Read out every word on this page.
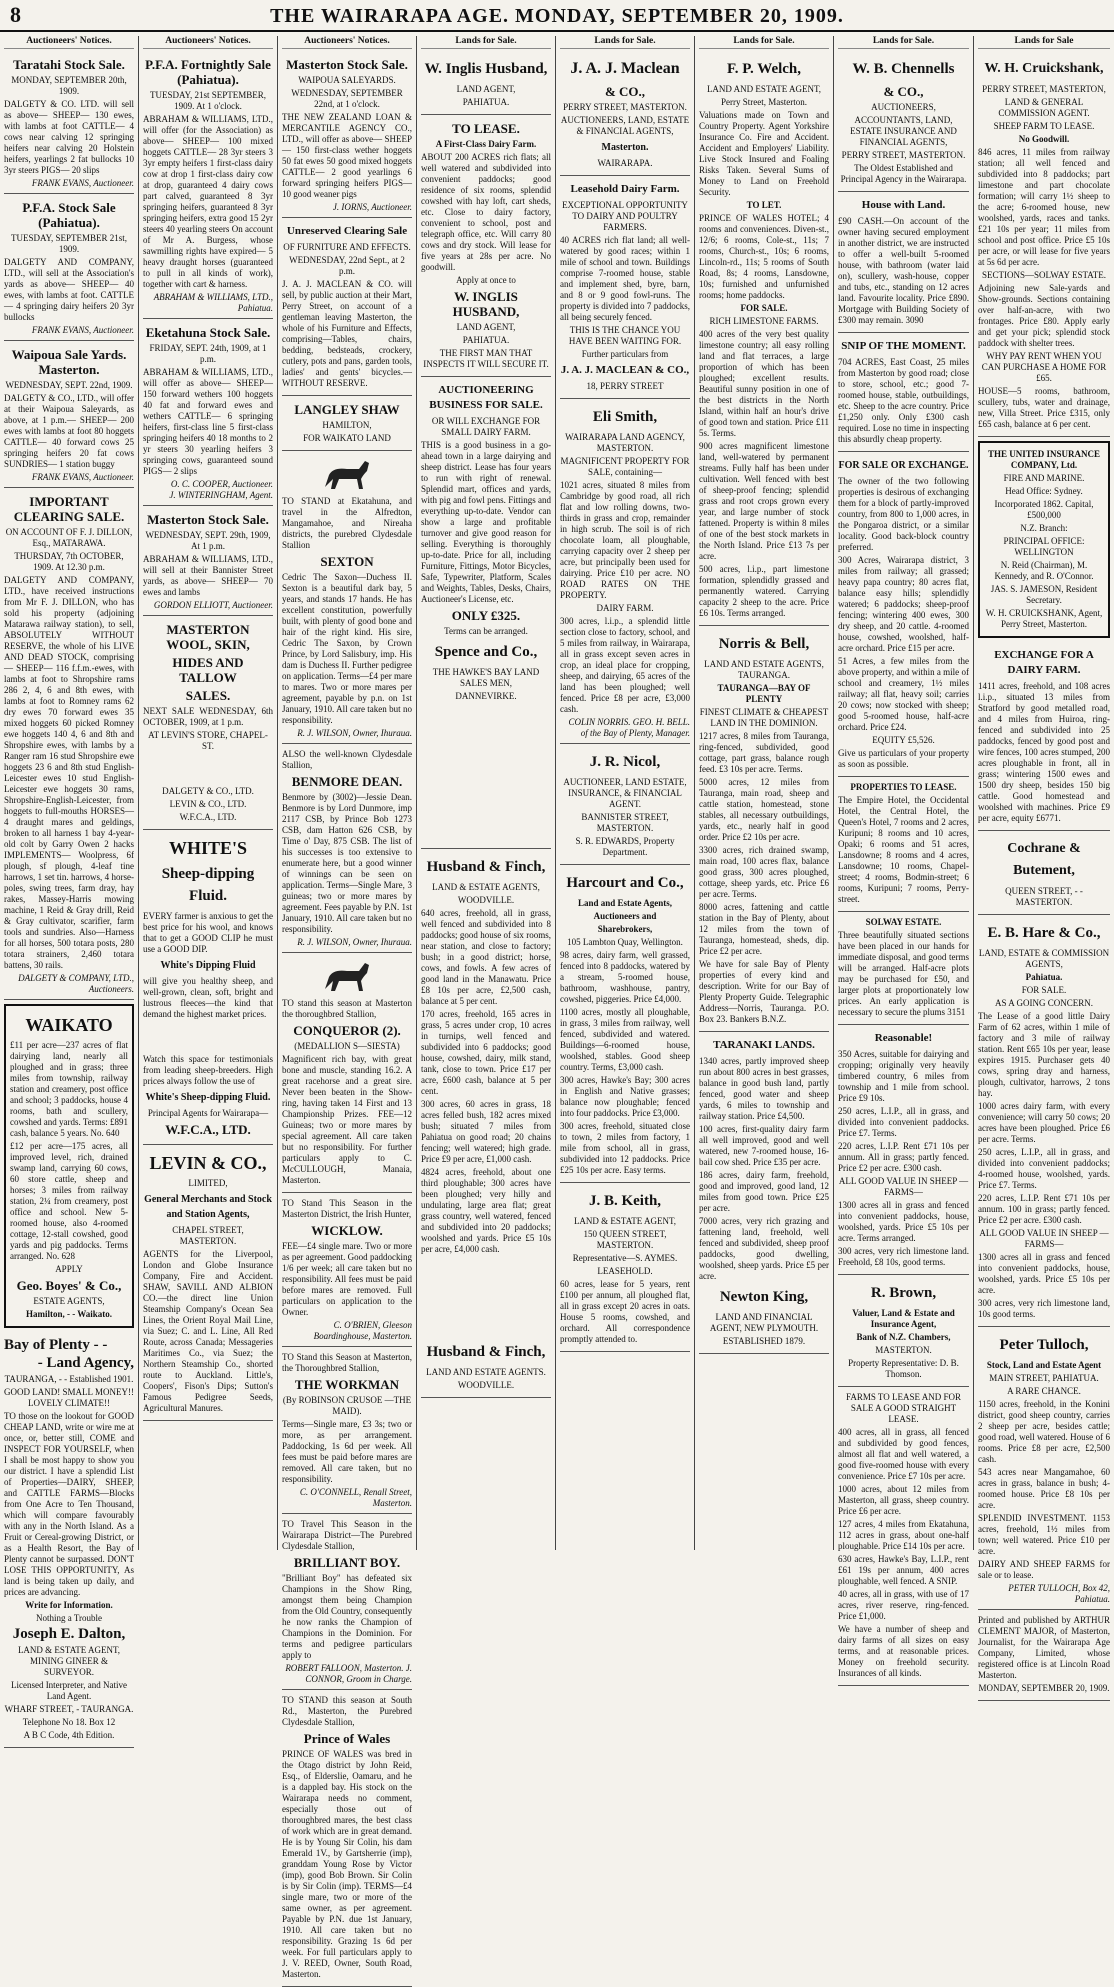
8	THE WAIRARAPA AGE. MONDAY, SEPTEMBER 20, 1909.
Auctioneers' Notices.
Taratahi Stock Sale.
MONDAY, SEPTEMBER 20th, 1909.
DALGETY & CO. LTD. will sell as above— SHEEP— 130 ewes, with lambs at foot CATTLE— 4 cows near calving 12 springing heifers near calving 20 Holstein heifers, yearlings 2 fat bullocks 10 3yr steers PIGS— 20 slips
FRANK EVANS, Auctioneer.
P.F.A. Stock Sale (Pahiatua).
TUESDAY, SEPTEMBER 21st, 1909.
DALGETY AND COMPANY, LTD., will sell at the Association's yards as above— SHEEP— 40 ewes, with lambs at foot. CATTLE— 4 springing dairy heifers 20 3yr bullocks
FRANK EVANS, Auctioneer.
Waipoua Sale Yards. Masterton.
WEDNESDAY, SEPT. 22nd, 1909.
DALGETY & CO., LTD., will offer at their Waipoua Saleyards, as above, at 1 p.m.— SHEEP— 200 ewes with lambs at foot 80 hoggets CATTLE— 40 forward cows 25 springing heifers 20 fat cows SUNDRIES— 1 station buggy
FRANK EVANS, Auctioneer.
IMPORTANT CLEARING SALE.
ON ACCOUNT OF F. J. DILLON, Esq., MATARAWA.
THURSDAY, 7th OCTOBER, 1909. At 12.30 p.m.
DALGETY AND COMPANY, LTD., have received instructions from Mr F. J. DILLON, who has sold his property (adjoining Matarawa railway station), to sell, ABSOLUTELY WITHOUT RESERVE, the whole of his LIVE AND DEAD STOCK, comprising— SHEEP— 116 f.f.m.-ewes, with lambs at foot to Shropshire rams 286 2, 4, 6 and 8th ewes, with lambs at foot to Romney rams 62 dry ewes 70 forward ewes 35 mixed hoggets 60 picked Romney ewe hoggets 140 4, 6 and 8th and Shropshire ewes, with lambs by a Ranger ram 16 stud Shropshire ewe hoggets 23 6 and 8th stud English-Leicester ewes 10 stud English-Leicester ewe hoggets 30 rams, Shropshire-English-Leicester, from hoggets to full-mouths HORSES— 4 draught mares and geldings, broken to all harness 1 bay 4-year-old colt by Garry Owen 2 hacks IMPLEMENTS— Woolpress, 6f plough, sf plough, 4-leaf tine harrows, 1 set tin. harrows, 4 horse-poles, swing trees, farm dray, hay rakes, Massey-Harris mowing machine, 1 Reid & Gray drill, Reid & Gray cultivator, scarifier, farm tools and sundries. Also—Harness for all horses, 500 totara posts, 280 totara strainers, 2,460 totara battens, 30 rails.
DALGETY & COMPANY, LTD., Auctioneers.
WAIKATO
£11 per acre—237 acres of flat dairying land, nearly all ploughed and in grass; three miles from township, railway station and creamery, post office and school; 3 paddocks, house 4 rooms, bath and scullery, cowshed and yards. Terms: £891 cash, balance 5 years. No. 640
£12 per acre—175 acres, all improved level, rich, drained swamp land, carrying 60 cows, 60 store cattle, sheep and horses; 3 miles from railway station, 2¼ from creamery, post office and school. New 5-roomed house, also 4-roomed cottage, 12-stall cowshed, good yards and pig paddocks. Terms arranged. No. 628
APPLY
Geo. Boyes' & Co.,
ESTATE AGENTS,
Hamilton, - - Waikato.
Bay of Plenty - -
- Land Agency,
TAURANGA, - - Established 1901.
GOOD LAND! SMALL MONEY!! LOVELY CLIMATE!!
TO those on the lookout for GOOD CHEAP LAND, write or wire me at once, or, better still, COME and INSPECT FOR YOURSELF, when I shall be most happy to show you our district. I have a splendid List of Properties—DAIRY, SHEEP, and CATTLE FARMS—Blocks from One Acre to Ten Thousand, which will compare favourably with any in the North Island. As a Fruit or Cereal-growing District, or as a Health Resort, the Bay of Plenty cannot be surpassed. DON'T LOSE THIS OPPORTUNITY, As land is being taken up daily, and prices are advancing.
Write for Information.
Nothing a Trouble
Joseph E. Dalton,
LAND & ESTATE AGENT, MINING GINEER & SURVEYOR.
Licensed Interpreter, and Native Land Agent.
WHARF STREET, - TAURANGA.
Telephone No 18. Box 12
A B C Code, 4th Edition.
Auctioneers' Notices.
P.F.A. Fortnightly Sale (Pahiatua).
TUESDAY, 21st SEPTEMBER, 1909. At 1 o'clock.
ABRAHAM & WILLIAMS, LTD., will offer (for the Association) as above— SHEEP— 100 mixed hoggets CATTLE— 28 3yr steers 3 3yr empty heifers 1 first-class dairy cow at drop 1 first-class dairy cow at drop, guaranteed 4 dairy cows part calved, guaranteed 8 3yr springing heifers, guaranteed 8 3yr springing heifers, extra good 15 2yr steers 40 yearling steers On account of Mr A. Burgess, whose sawmilling rights have expired— 5 heavy draught horses (guaranteed to pull in all kinds of work), together with cart & harness.
ABRAHAM & WILLIAMS, LTD., Pahiatua.
Eketahuna Stock Sale.
FRIDAY, SEPT. 24th, 1909, at 1 p.m.
ABRAHAM & WILLIAMS, LTD., will offer as above— SHEEP— 150 forward wethers 100 hoggets 40 fat and forward ewes and wethers CATTLE— 6 springing heifers, first-class line 5 first-class springing heifers 40 18 months to 2 yr steers 30 yearling heifers 3 springing cows, guaranteed sound PIGS— 2 slips
O. C. COOPER, Auctioneer.
J. WINTERINGHAM, Agent.
Masterton Stock Sale.
WEDNESDAY, SEPT. 29th, 1909, At 1 p.m.
ABRAHAM & WILLIAMS, LTD., will sell at their Bannister Street yards, as above— SHEEP— 70 ewes and lambs
GORDON ELLIOTT, Auctioneer.
MASTERTON WOOL, SKIN,
HIDES AND TALLOW
SALES.
NEXT SALE WEDNESDAY, 6th OCTOBER, 1909, at 1 p.m.
AT LEVIN'S STORE, CHAPEL-ST.
DALGETY & CO., LTD.
LEVIN & CO., LTD.
W.F.C.A., LTD.
WHITE'S
Sheep-dipping Fluid.
EVERY farmer is anxious to get the best price for his wool, and knows that to get a GOOD CLIP he must use a GOOD DIP.
White's Dipping Fluid
will give you healthy sheep, and well-grown, clean, soft, bright and lustrous fleeces—the kind that demand the highest market prices.
Watch this space for testimonials from leading sheep-breeders. High prices always follow the use of
White's Sheep-dipping Fluid.
Principal Agents for Wairarapa—
W.F.C.A., LTD.
LEVIN & CO.,
LIMITED,
General Merchants and Stock and Station Agents,
CHAPEL STREET, MASTERTON.
AGENTS for the Liverpool, London and Globe Insurance Company, Fire and Accident. SHAW, SAVILL AND ALBION CO.—the direct line Union Steamship Company's Ocean Sea Lines, the Orient Royal Mail Line, via Suez; C. and L. Line, All Red Route, across Canada; Messageries Maritimes Co., via Suez; the Northern Steamship Co., shorted route to Auckland. Little's, Coopers', Fison's Dips; Sutton's Famous Pedigree Seeds, Agricultural Manures.
Auctioneers' Notices.
Masterton Stock Sale.
WAIPOUA SALEYARDS.
WEDNESDAY, SEPTEMBER 22nd, at 1 o'clock.
THE NEW ZEALAND LOAN & MERCANTILE AGENCY CO., LTD., will offer as above— SHEEP— 150 first-class wether hoggets 50 fat ewes 50 good mixed hoggets CATTLE— 2 good yearlings 6 forward springing heifers PIGS— 10 good weaner pigs
J. IORNS, Auctioneer.
Unreserved Clearing Sale
OF FURNITURE AND EFFECTS.
WEDNESDAY, 22nd Sept., at 2 p.m.
J. A. J. MACLEAN & CO. will sell, by public auction at their Mart, Perry Street, on account of a gentleman leaving Masterton, the whole of his Furniture and Effects, comprising—Tables, chairs, bedding, bedsteads, crockery, cutlery, pots and pans, garden tools, ladies' and gents' bicycles.—WITHOUT RESERVE.
LANGLEY SHAW
HAMILTON,
FOR WAIKATO LAND
TO STAND at Ekatahuna, and travel in the Alfredton, Mangamahoe, and Nireaha districts, the purebred Clydesdale Stallion
SEXTON
Cedric The Saxon—Duchess II. Sexton is a beautiful dark bay, 5 years, and stands 17 hands. He has excellent constitution, powerfully built, with plenty of good bone and hair of the right kind. His sire, Cedric The Saxon, by Crown Prince, by Lord Salisbury, imp. His dam is Duchess II. Further pedigree on application. Terms—£4 per mare to mares. Two or more mares per agreement, payable by p.n. on 1st January, 1910. All care taken but no responsibility.
R. J. WILSON, Owner, Ihuraua.
ALSO the well-known Clydesdale Stallion,
BENMORE DEAN.
Benmore by (3002)—Jessie Dean. Benmore is by Lord Dunmore, imp 2117 CSB, by Prince Bob 1273 CSB, dam Hatton 626 CSB, by Time o' Day, 875 CSB. The list of his successes is too extensive to enumerate here, but a good winner of winnings can be seen on application. Terms—Single Mare, 3 guineas; two or more mares by agreement. Fees payable by P.N. 1st January, 1910. All care taken but no responsibility.
R. J. WILSON, Owner, Ihuraua.
TO stand this season at Masterton the thoroughbred Stallion,
CONQUEROR (2).
(MEDALLION S—SIESTA)
Magnificent rich bay, with great bone and muscle, standing 16.2. A great racehorse and a great sire. Never been beaten in the Show-ring, having taken 14 First and 13 Championship Prizes. FEE—12 Guineas; two or more mares by special agreement. All care taken but no responsibility. For further particulars apply to C. McCULLOUGH, Manaia, Masterton.
TO Stand This Season in the Masterton District, the Irish Hunter,
WICKLOW.
FEE—£4 single mare. Two or more as per agreement. Good paddocking 1/6 per week; all care taken but no responsibility. All fees must be paid before mares are removed. Full particulars on application to the Owner.
C. O'BRIEN, Gleeson Boardinghouse, Masterton.
TO Stand this Season at Masterton, the Thoroughbred Stallion,
THE WORKMAN
(By ROBINSON CRUSOE —THE MAID).
Terms—Single mare, £3 3s; two or more, as per arrangement. Paddocking, 1s 6d per week. All fees must be paid before mares are removed. All care taken, but no responsibility.
C. O'CONNELL, Renall Street, Masterton.
TO Travel This Season in the Wairarapa District—The Purebred Clydesdale Stallion,
BRILLIANT BOY.
"Brilliant Boy" has defeated six Champions in the Show Ring, amongst them being Champion from the Old Country, consequently he now ranks the Champion of Champions in the Dominion. For terms and pedigree particulars apply to
ROBERT FALLOON, Masterton. J. CONNOR, Groom in Charge.
TO STAND this season at South Rd., Masterton, the Purebred Clydesdale Stallion,
Prince of Wales
PRINCE OF WALES was bred in the Otago district by John Reid, Esq., of Elderslie, Oamaru, and he is a dappled bay. His stock on the Wairarapa needs no comment, especially those out of thoroughbred mares, the best class of work which are in great demand. He is by Young Sir Colin, his dam Emerald 1V., by Gartsherrie (imp), granddam Young Rose by Victor (imp), good Bob Brown. Sir Colin is by Sir Colin (imp). TERMS—£4 single mare, two or more of the same owner, as per agreement. Payable by P.N. due 1st January, 1910. All care taken but no responsibility. Grazing 1s 6d per week. For full particulars apply to J. V. REED, Owner, South Road, Masterton.
Lands for Sale.
W. Inglis Husband,
LAND AGENT,
PAHIATUA.
TO LEASE.
A First-Class Dairy Farm.
ABOUT 200 ACRES rich flats; all well watered and subdivided into convenient paddocks; good residence of six rooms, splendid cowshed with hay loft, cart sheds, etc. Close to dairy factory, convenient to school, post and telegraph office, etc. Will carry 80 cows and dry stock. Will lease for five years at 28s per acre. No goodwill.
Apply at once to
W. INGLIS HUSBAND,
LAND AGENT,
PAHIATUA.
THE FIRST MAN THAT INSPECTS IT WILL SECURE IT.
AUCTIONEERING BUSINESS FOR SALE.
OR WILL EXCHANGE FOR SMALL DAIRY FARM.
THIS is a good business in a go-ahead town in a large dairying and sheep district. Lease has four years to run with right of renewal. Splendid mart, offices and yards, with pig and fowl pens. Fittings and everything up-to-date. Vendor can show a large and profitable turnover and give good reason for selling. Everything is thoroughly up-to-date. Price for all, including Furniture, Fittings, Motor Bicycles, Safe, Typewriter, Platform, Scales and Weights, Tables, Desks, Chairs, Auctioneer's License, etc.
ONLY £325.
Terms can be arranged.
Spence and Co.,
THE HAWKE'S BAY LAND SALES MEN,
DANNEVIRKE.
Husband & Finch,
LAND & ESTATE AGENTS,
WOODVILLE.
640 acres, freehold, all in grass, well fenced and subdivided into 8 paddocks; good house of six rooms, near station, and close to factory; bush; in a good district; horse, cows, and fowls. A few acres of good land in the Manawatu. Price £8 10s per acre, £2,500 cash, balance at 5 per cent.
170 acres, freehold, 165 acres in grass, 5 acres under crop, 10 acres in turnips, well fenced and subdivided into 6 paddocks; good house, cowshed, dairy, milk stand, tank, close to town. Price £17 per acre, £600 cash, balance at 5 per cent.
300 acres, 60 acres in grass, 18 acres felled bush, 182 acres mixed bush; situated 7 miles from Pahiatua on good road; 20 chains fencing; well watered; high grade. Price £9 per acre, £1,000 cash.
4824 acres, freehold, about one third ploughable; 300 acres have been ploughed; very hilly and undulating, large area flat; great grass country, well watered, fenced and subdivided into 20 paddocks; woolshed and yards. Price £5 10s per acre, £4,000 cash.
Husband & Finch,
LAND AND ESTATE AGENTS.
WOODVILLE.
Lands for Sale.
J. A. J. Maclean
& CO.,
PERRY STREET, MASTERTON.
AUCTIONEERS, LAND, ESTATE & FINANCIAL AGENTS,
Masterton.
WAIRARAPA.
Leasehold Dairy Farm.
EXCEPTIONAL OPPORTUNITY TO DAIRY AND POULTRY FARMERS.
40 ACRES rich flat land; all well-watered by good races; within 1 mile of school and town. Buildings comprise 7-roomed house, stable and implement shed, byre, barn, and 8 or 9 good fowl-runs. The property is divided into 7 paddocks, all being securely fenced.
THIS IS THE CHANCE YOU HAVE BEEN WAITING FOR.
Further particulars from
J. A. J. MACLEAN & CO.,
18, PERRY STREET
Eli Smith,
WAIRARAPA LAND AGENCY, MASTERTON.
MAGNIFICENT PROPERTY FOR SALE, containing—
1021 acres, situated 8 miles from Cambridge by good road, all rich flat and low rolling downs, two-thirds in grass and crop, remainder in high scrub. The soil is of rich chocolate loam, all ploughable, carrying capacity over 2 sheep per acre, but principally been used for dairying. Price £10 per acre. NO ROAD RATES ON THE PROPERTY.
DAIRY FARM.
300 acres, l.i.p., a splendid little section close to factory, school, and 5 miles from railway, in Wairarapa, all in grass except seven acres in crop, an ideal place for cropping, sheep, and dairying, 65 acres of the land has been ploughed; well fenced. Price £8 per acre, £3,000 cash.
COLIN NORRIS. GEO. H. BELL. of the Bay of Plenty, Manager.
J. R. Nicol,
AUCTIONEER, LAND ESTATE, INSURANCE, & FINANCIAL AGENT.
BANNISTER STREET, MASTERTON.
S. R. EDWARDS, Property Department.
Harcourt and Co.,
Land and Estate Agents,
Auctioneers and
Sharebrokers,
105 Lambton Quay, Wellington.
98 acres, dairy farm, well grassed, fenced into 8 paddocks, watered by a stream, 5-roomed house, bathroom, washhouse, pantry, cowshed, piggeries. Price £4,000.
1100 acres, mostly all ploughable, in grass, 3 miles from railway, well fenced, subdivided and watered. Buildings—6-roomed house, woolshed, stables. Good sheep country. Terms, £3,000 cash.
300 acres, Hawke's Bay; 300 acres in English and Native grasses; balance now ploughable; fenced into four paddocks. Price £3,000.
300 acres, freehold, situated close to town, 2 miles from factory, 1 mile from school, all in grass, subdivided into 12 paddocks. Price £25 10s per acre. Easy terms.
J. B. Keith,
LAND & ESTATE AGENT,
150 QUEEN STREET, MASTERTON.
Representative—S. AYMES.
LEASEHOLD.
60 acres, lease for 5 years, rent £100 per annum, all ploughed flat, all in grass except 20 acres in oats. House 5 rooms, cowshed, and orchard. All correspondence promptly attended to.
Lands for Sale.
F. P. Welch,
LAND AND ESTATE AGENT,
Perry Street, Masterton.
Valuations made on Town and Country Property. Agent Yorkshire Insurance Co. Fire and Accident. Accident and Employers' Liability. Live Stock Insured and Foaling Risks Taken. Several Sums of Money to Land on Freehold Security.
TO LET.
PRINCE OF WALES HOTEL; 4 rooms and conveniences. Diven-st., 12/6; 6 rooms, Cole-st., 11s; 7 rooms, Church-st., 10s; 6 rooms, Lincoln-rd., 11s; 5 rooms of South Road, 8s; 4 rooms, Lansdowne, 10s; furnished and unfurnished rooms; home paddocks.
FOR SALE.
RICH LIMESTONE FARMS.
400 acres of the very best quality limestone country; all easy rolling land and flat terraces, a large proportion of which has been ploughed; excellent results. Beautiful sunny position in one of the best districts in the North Island, within half an hour's drive of good town and station. Price £11 5s. Terms.
900 acres magnificent limestone land, well-watered by permanent streams. Fully half has been under cultivation. Well fenced with best of sheep-proof fencing; splendid grass and root crops grown every year, and large number of stock fattened. Property is within 8 miles of one of the best stock markets in the North Island. Price £13 7s per acre.
500 acres, l.i.p., part limestone formation, splendidly grassed and permanently watered. Carrying capacity 2 sheep to the acre. Price £6 10s. Terms arranged.
Norris & Bell,
LAND AND ESTATE AGENTS, TAURANGA.
TAURANGA—BAY OF PLENTY
FINEST CLIMATE & CHEAPEST LAND IN THE DOMINION.
1217 acres, 8 miles from Tauranga, ring-fenced, subdivided, good cottage, part grass, balance rough feed. £3 10s per acre. Terms.
5000 acres, 12 miles from Tauranga, main road, sheep and cattle station, homestead, stone stables, all necessary outbuildings, yards, etc., nearly half in good order. Price £2 10s per acre.
3300 acres, rich drained swamp, main road, 100 acres flax, balance good grass, 300 acres ploughed, cottage, sheep yards, etc. Price £6 per acre. Terms.
8000 acres, fattening and cattle station in the Bay of Plenty, about 12 miles from the town of Tauranga, homestead, sheds, dip. Price £2 per acre.
We have for sale Bay of Plenty properties of every kind and description. Write for our Bay of Plenty Property Guide. Telegraphic Address—Norris, Tauranga. P.O. Box 23. Bankers B.N.Z.
TARANAKI LANDS.
1340 acres, partly improved sheep run about 800 acres in best grasses, balance in good bush land, partly fenced, good water and sheep yards, 6 miles to township and railway station. Price £4,500.
100 acres, first-quality dairy farm all well improved, good and well watered, new 7-roomed house, 16-bail cow shed. Price £35 per acre.
186 acres, dairy farm, freehold, good and improved, good land, 12 miles from good town. Price £25 per acre.
7000 acres, very rich grazing and fattening land, freehold, well fenced and subdivided, sheep proof paddocks, good dwelling, woolshed, sheep yards. Price £5 per acre.
Newton King,
LAND AND FINANCIAL AGENT, NEW PLYMOUTH.
ESTABLISHED 1879.
Lands for Sale.
W. B. Chennells
& CO.,
AUCTIONEERS,
ACCOUNTANTS, LAND, ESTATE INSURANCE AND FINANCIAL AGENTS,
PERRY STREET, MASTERTON.
The Oldest Established and Principal Agency in the Wairarapa.
House with Land.
£90 CASH.—On account of the owner having secured employment in another district, we are instructed to offer a well-built 5-roomed house, with bathroom (water laid on), scullery, wash-house, copper and tubs, etc., standing on 12 acres land. Favourite locality. Price £890. Mortgage with Building Society of £300 may remain. 3090
SNIP OF THE MOMENT.
704 ACRES, East Coast, 25 miles from Masterton by good road; close to store, school, etc.; good 7-roomed house, stable, outbuildings, etc. Sheep to the acre country. Price £1,250 only. Only £300 cash required. Lose no time in inspecting this absurdly cheap property.
FOR SALE OR EXCHANGE.
The owner of the two following properties is desirous of exchanging them for a block of partly-improved country, from 800 to 1,000 acres, in the Pongaroa district, or a similar locality. Good back-block country preferred.
300 Acres, Wairarapa district, 3 miles from railway; all grassed; heavy papa country; 80 acres flat, balance easy hills; splendidly watered; 6 paddocks; sheep-proof fencing; wintering 400 ewes, 300 dry sheep, and 20 cattle. 4-roomed house, cowshed, woolshed, half-acre orchard. Price £15 per acre.
51 Acres, a few miles from the above property, and within a mile of school and creamery, 1½ miles railway; all flat, heavy soil; carries 20 cows; now stocked with sheep; good 5-roomed house, half-acre orchard. Price £24.
EQUITY £5,526.
Give us particulars of your property as soon as possible.
PROPERTIES TO LEASE.
The Empire Hotel, the Occidental Hotel, the Central Hotel, the Queen's Hotel, 7 rooms and 2 acres, Kuripuni; 8 rooms and 10 acres, Opaki; 6 rooms and 51 acres, Lansdowne; 8 rooms and 4 acres, Lansdowne; 10 rooms, Chapel-street; 4 rooms, Bodmin-street; 6 rooms, Kuripuni; 7 rooms, Perry-street.
SOLWAY ESTATE.
Three beautifully situated sections have been placed in our hands for immediate disposal, and good terms will be arranged. Half-acre plots may be purchased for £50, and larger plots at proportionately low prices. An early application is necessary to secure the plums 3151
Reasonable!
350 Acres, suitable for dairying and cropping; originally very heavily timbered country, 6 miles from township and 1 mile from school. Price £9 10s.
250 acres, L.I.P., all in grass, and divided into convenient paddocks. Price £7. Terms.
220 acres, L.I.P. Rent £71 10s per annum. All in grass; partly fenced. Price £2 per acre. £300 cash.
ALL GOOD VALUE IN SHEEP —FARMS—
1300 acres all in grass and fenced into convenient paddocks, house, woolshed, yards. Price £5 10s per acre. Terms arranged.
300 acres, very rich limestone land. Freehold, £8 10s, good terms.
R. Brown,
Valuer, Land & Estate and Insurance Agent,
Bank of N.Z. Chambers,
MASTERTON.
Property Representative: D. B. Thomson.
FARMS TO LEASE AND FOR SALE A GOOD STRAIGHT LEASE.
400 acres, all in grass, all fenced and subdivided by good fences, almost all flat and well watered, a good five-roomed house with every convenience. Price £7 10s per acre.
1000 acres, about 12 miles from Masterton, all grass, sheep country. Price £6 per acre.
127 acres, 4 miles from Ekatahuna, 112 acres in grass, about one-half ploughable. Price £14 10s per acre.
630 acres, Hawke's Bay, L.I.P., rent £61 19s per annum, 400 acres ploughable, well fenced. A SNIP.
40 acres, all in grass, with use of 17 acres, river reserve, ring-fenced. Price £1,000.
We have a number of sheep and dairy farms of all sizes on easy terms, and at reasonable prices. Money on freehold security. Insurances of all kinds.
Lands for Sale
W. H. Cruickshank,
PERRY STREET, MASTERTON,
LAND & GENERAL COMMISSION AGENT.
SHEEP FARM TO LEASE.
No Goodwill.
846 acres, 11 miles from railway station; all well fenced and subdivided into 8 paddocks; part limestone and part chocolate formation; will carry 1½ sheep to the acre; 6-roomed house, new woolshed, yards, races and tanks. £21 10s per year; 11 miles from school and post office. Price £5 10s per acre, or will lease for five years at 5s 6d per acre.
SECTIONS—SOLWAY ESTATE.
Adjoining new Sale-yards and Show-grounds. Sections containing over half-an-acre, with two frontages. Price £80. Apply early and get your pick; splendid stock paddock with shelter trees.
WHY PAY RENT WHEN YOU CAN PURCHASE A HOME FOR £65.
HOUSE—5 rooms, bathroom, scullery, tubs, water and drainage, new, Villa Street. Price £315, only £65 cash, balance at 6 per cent.
THE UNITED INSURANCE COMPANY, Ltd.
FIRE AND MARINE.
Head Office: Sydney.
Incorporated 1862. Capital, £500,000
N.Z. Branch:
PRINCIPAL OFFICE: WELLINGTON
N. Reid (Chairman), M. Kennedy, and R. O'Connor.
JAS. S. JAMESON, Resident Secretary.
W. H. CRUICKSHANK, Agent, Perry Street, Masterton.
EXCHANGE FOR A DAIRY FARM.
1411 acres, freehold, and 108 acres l.i.p., situated 13 miles from Stratford by good metalled road, and 4 miles from Huiroa, ring-fenced and subdivided into 25 paddocks, fenced by good post and wire fences, 100 acres stumped, 200 acres ploughable in front, all in grass; wintering 1500 ewes and 1500 dry sheep, besides 150 big cattle. Good homestead and woolshed with machines. Price £9 per acre, equity £6771.
Cochrane & Butement,
QUEEN STREET, - - MASTERTON.
E. B. Hare & Co.,
LAND, ESTATE & COMMISSION AGENTS,
Pahiatua.
FOR SALE.
AS A GOING CONCERN.
The Lease of a good little Dairy Farm of 62 acres, within 1 mile of factory and 3 mile of railway station. Rent £65 10s per year, lease expires 1915. Purchaser gets 40 cows, spring dray and harness, plough, cultivator, harrows, 2 tons hay.
1000 acres dairy farm, with every convenience; will carry 50 cows; 20 acres have been ploughed. Price £6 per acre. Terms.
250 acres, L.I.P., all in grass, and divided into convenient paddocks; 4-roomed house, woolshed, yards. Price £7. Terms.
220 acres, L.I.P. Rent £71 10s per annum. 100 in grass; partly fenced. Price £2 per acre. £300 cash.
ALL GOOD VALUE IN SHEEP —FARMS—
1300 acres all in grass and fenced into convenient paddocks, house, woolshed, yards. Price £5 10s per acre.
300 acres, very rich limestone land, 10s good terms.
Peter Tulloch,
Stock, Land and Estate Agent
MAIN STREET, PAHIATUA.
A RARE CHANCE.
1150 acres, freehold, in the Konini district, good sheep country, carries 2 sheep per acre, besides cattle; good road, well watered. House of 6 rooms. Price £8 per acre, £2,500 cash.
543 acres near Mangamahoe, 60 acres in grass, balance in bush; 4-roomed house. Price £8 10s per acre.
SPLENDID INVESTMENT. 1153 acres, freehold, 1½ miles from town; well watered. Price £10 per acre.
DAIRY AND SHEEP FARMS for sale or to lease.
PETER TULLOCH, Box 42, Pahiatua.
Printed and published by ARTHUR CLEMENT MAJOR, of Masterton, Journalist, for the Wairarapa Age Company, Limited, whose registered office is at Lincoln Road Masterton.
MONDAY, SEPTEMBER 20, 1909.
